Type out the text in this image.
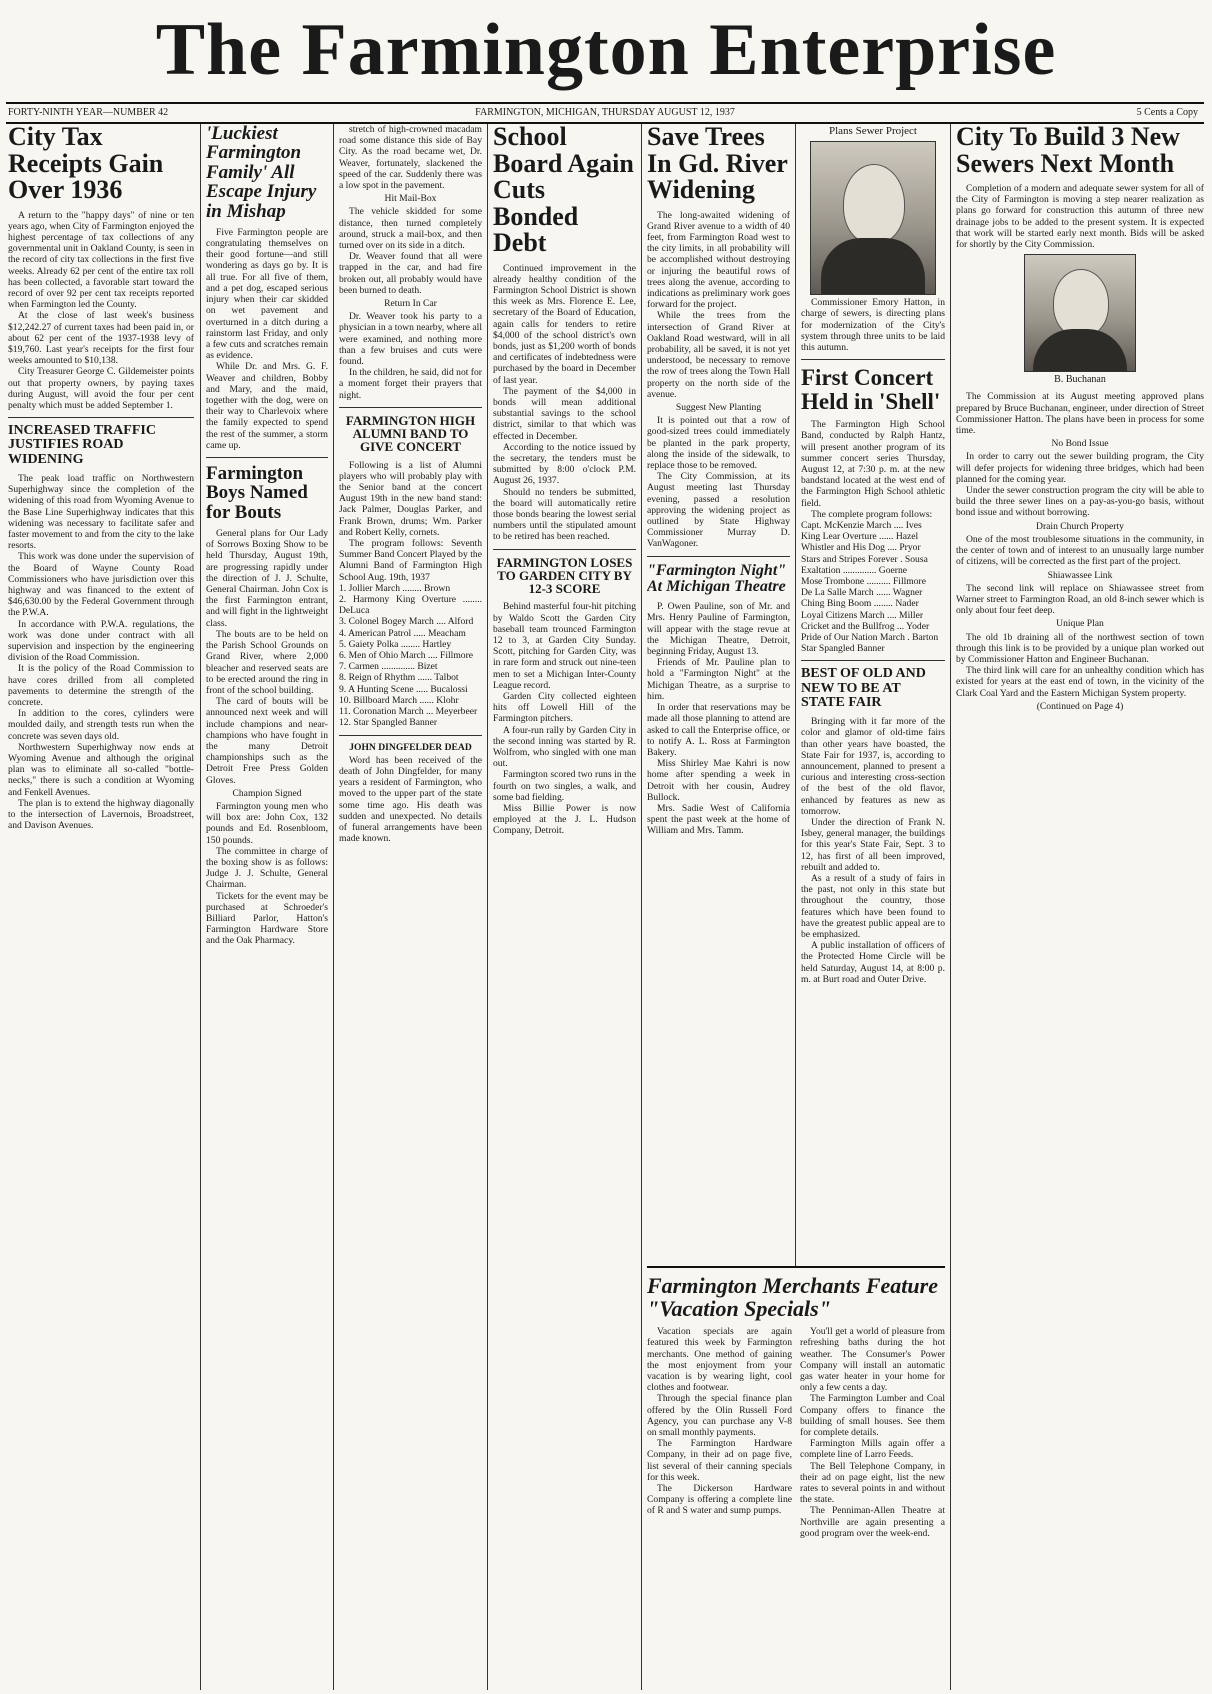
The Farmington Enterprise
FORTY-NINTH YEAR—NUMBER 42	FARMINGTON, MICHIGAN, THURSDAY AUGUST 12, 1937	5 Cents a Copy
City Tax Receipts Gain Over 1936

A return to the "happy days" of nine or ten years ago, when City of Farmington enjoyed the highest percentage of tax collections of any governmental unit in Oakland County, is seen in the record of city tax collections in the first five weeks. Already 62 per cent of the entire tax roll has been collected, a favorable start toward the record of over 92 per cent tax receipts reported when Farmington led the County.

At the close of last week's business $12,242.27 of current taxes had been paid in, or about 62 per cent of the 1937-1938 levy of $19,760. Last year's receipts for the first four weeks amounted to $10,138.

City Treasurer George C. Gildemeister points out that property owners, by paying taxes during August, will avoid the four per cent penalty which must be added September 1.

INCREASED TRAFFIC JUSTIFIES ROAD WIDENING

The peak load traffic on Northwestern Superhighway since the completion of the widening of this road from Wyoming Avenue to the Base Line Superhighway indicates that this widening was necessary to facilitate safer and faster movement to and from the city to the lake resorts.

This work was done under the supervision of the Board of Wayne County Road Commissioners who have jurisdiction over this highway and was financed to the extent of $46,630.00 by the Federal Government through the P.W.A.

In accordance with P.W.A. regulations, the work was done under contract with all supervision and inspection by the engineering division of the Road Commission.

It is the policy of the Road Commission to have cores drilled from all completed pavements to determine the strength of the concrete.

In addition to the cores, cylinders were moulded daily, and strength tests run when the concrete was seven days old.

Northwestern Superhighway now ends at Wyoming Avenue and although the original plan was to eliminate all so-called "bottle-necks," there is such a condition at Wyoming and Fenkell Avenues.

The plan is to extend the highway diagonally to the intersection of Lavernois, Broadstreet, and Davison Avenues.

'Luckiest Farmington Family' All Escape Injury in Mishap

Five Farmington people are congratulating themselves on their good fortune—and still wondering as days go by. It is all true. For all five of them, and a pet dog, escaped serious injury when their car skidded on wet pavement and overturned in a ditch during a rainstorm last Friday, and only a few cuts and scratches remain as evidence.

While Dr. and Mrs. G. F. Weaver and children, Bobby and Mary, and the maid, together with the dog, were on their way to Charlevoix where the family expected to spend the rest of the summer, a storm came up.

Farmington Boys Named for Bouts

General plans for Our Lady of Sorrows Boxing Show to be held Thursday, August 19th, are progressing rapidly under the direction of J. J. Schulte, General Chairman. John Cox is the first Farmington entrant, and will fight in the lightweight class.

The bouts are to be held on the Parish School Grounds on Grand River, where 2,000 bleacher and reserved seats are to be erected around the ring in front of the school building.

The card of bouts will be announced next week and will include champions and near-champions who have fought in the many Detroit championships such as the Detroit Free Press Golden Gloves.

Champion Signed

Farmington young men who will box are: John Cox, 132 pounds and Ed. Rosenbloom, 150 pounds.

The committee in charge of the boxing show is as follows: Judge J. J. Schulte, General Chairman.

Tickets for the event may be purchased at Schroeder's Billiard Parlor, Hatton's Farmington Hardware Store and the Oak Pharmacy.

stretch of high-crowned macadam road some distance this side of Bay City. As the road became wet, Dr. Weaver, fortunately, slackened the speed of the car. Suddenly there was a low spot in the pavement.

Hit Mail-Box

The vehicle skidded for some distance, then turned completely around, struck a mail-box, and then turned over on its side in a ditch.

Dr. Weaver found that all were trapped in the car, and had fire broken out, all probably would have been burned to death.

Return In Car

Dr. Weaver took his party to a physician in a town nearby, where all were examined, and nothing more than a few bruises and cuts were found.

In the children, he said, did not for a moment forget their prayers that night.

FARMINGTON HIGH ALUMNI BAND TO GIVE CONCERT

Following is a list of Alumni players who will probably play with the Senior band at the concert August 19th in the new band stand: Jack Palmer, Douglas Parker, and Frank Brown, drums; Wm. Parker and Robert Kelly, cornets.

The program follows: Seventh Summer Band Concert Played by the Alumni Band of Farmington High School Aug. 19th, 1937

1. Jollier March ........ Brown
2. Harmony King Overture ........ DeLuca
3. Colonel Bogey March .... Alford
4. American Patrol ..... Meacham
5. Gaiety Polka ........ Hartley
6. Men of Ohio March .... Fillmore
7. Carmen .............. Bizet
8. Reign of Rhythm ...... Talbot
9. A Hunting Scene ..... Bucalossi
10. Billboard March ...... Klohr
11. Coronation March ... Meyerbeer
12. Star Spangled Banner
JOHN DINGFELDER DEAD

Word has been received of the death of John Dingfelder, for many years a resident of Farmington, who moved to the upper part of the state some time ago. His death was sudden and unexpected. No details of funeral arrangements have been made known.

School Board Again Cuts Bonded Debt

Continued improvement in the already healthy condition of the Farmington School District is shown this week as Mrs. Florence E. Lee, secretary of the Board of Education, again calls for tenders to retire $4,000 of the school district's own bonds, just as $1,200 worth of bonds and certificates of indebtedness were purchased by the board in December of last year.

The payment of the $4,000 in bonds will mean additional substantial savings to the school district, similar to that which was effected in December.

According to the notice issued by the secretary, the tenders must be submitted by 8:00 o'clock P.M. August 26, 1937.

Should no tenders be submitted, the board will automatically retire those bonds bearing the lowest serial numbers until the stipulated amount to be retired has been reached.

FARMINGTON LOSES TO GARDEN CITY BY 12-3 SCORE

Behind masterful four-hit pitching by Waldo Scott the Garden City baseball team trounced Farmington 12 to 3, at Garden City Sunday. Scott, pitching for Garden City, was in rare form and struck out nine-teen men to set a Michigan Inter-County League record.

Garden City collected eighteen hits off Lowell Hill of the Farmington pitchers.

A four-run rally by Garden City in the second inning was started by R. Wolfrom, who singled with one man out.

Farmington scored two runs in the fourth on two singles, a walk, and some bad fielding.

Miss Billie Power is now employed at the J. L. Hudson Company, Detroit.

Save Trees In Gd. River Widening

The long-awaited widening of Grand River avenue to a width of 40 feet, from Farmington Road west to the city limits, in all probability will be accomplished without destroying or injuring the beautiful rows of trees along the avenue, according to indications as preliminary work goes forward for the project.

While the trees from the intersection of Grand River at Oakland Road westward, will in all probability, all be saved, it is not yet understood, be necessary to remove the row of trees along the Town Hall property on the north side of the avenue.

Suggest New Planting

It is pointed out that a row of good-sized trees could immediately be planted in the park property, along the inside of the sidewalk, to replace those to be removed.

The City Commission, at its August meeting last Thursday evening, passed a resolution approving the widening project as outlined by State Highway Commissioner Murray D. VanWagoner.

"Farmington Night" At Michigan Theatre

P. Owen Pauline, son of Mr. and Mrs. Henry Pauline of Farmington, will appear with the stage revue at the Michigan Theatre, Detroit, beginning Friday, August 13.

Friends of Mr. Pauline plan to hold a "Farmington Night" at the Michigan Theatre, as a surprise to him.

In order that reservations may be made all those planning to attend are asked to call the Enterprise office, or to notify A. L. Ross at Farmington Bakery.

Miss Shirley Mae Kahri is now home after spending a week in Detroit with her cousin, Audrey Bullock.

Mrs. Sadie West of California spent the past week at the home of William and Mrs. Tamm.

Plans Sewer Project

Commissioner Emory Hatton, in charge of sewers, is directing plans for modernization of the City's system through three units to be laid this autumn.

First Concert Held in 'Shell'

The Farmington High School Band, conducted by Ralph Hantz, will present another program of its summer concert series Thursday, August 12, at 7:30 p. m. at the new bandstand located at the west end of the Farmington High School athletic field.

The complete program follows:

Capt. McKenzie March .... Ives
King Lear Overture ...... Hazel
Whistler and His Dog .... Pryor
Stars and Stripes Forever . Sousa
Exaltation .............. Goerne
Mose Trombone .......... Fillmore
De La Salle March ...... Wagner
Ching Bing Boom ........ Nader
Loyal Citizens March .... Miller
Cricket and the Bullfrog ... Yoder
Pride of Our Nation March . Barton
Star Spangled Banner
BEST OF OLD AND NEW TO BE AT STATE FAIR

Bringing with it far more of the color and glamor of old-time fairs than other years have boasted, the State Fair for 1937, is, according to announcement, planned to present a curious and interesting cross-section of the best of the old flavor, enhanced by features as new as tomorrow.

Under the direction of Frank N. Isbey, general manager, the buildings for this year's State Fair, Sept. 3 to 12, has first of all been improved, rebuilt and added to.

As a result of a study of fairs in the past, not only in this state but throughout the country, those features which have been found to have the greatest public appeal are to be emphasized.

A public installation of officers of the Protected Home Circle will be held Saturday, August 14, at 8:00 p. m. at Burt road and Outer Drive.

City To Build 3 New Sewers Next Month

Completion of a modern and adequate sewer system for all of the City of Farmington is moving a step nearer realization as plans go forward for construction this autumn of three new drainage jobs to be added to the present system. It is expected that work will be started early next month. Bids will be asked for shortly by the City Commission.

B. Buchanan

The Commission at its August meeting approved plans prepared by Bruce Buchanan, engineer, under direction of Street Commissioner Hatton. The plans have been in process for some time.

No Bond Issue

In order to carry out the sewer building program, the City will defer projects for widening three bridges, which had been planned for the coming year.

Under the sewer construction program the city will be able to build the three sewer lines on a pay-as-you-go basis, without bond issue and without borrowing.

Drain Church Property

One of the most troublesome situations in the community, in the center of town and of interest to an unusually large number of citizens, will be corrected as the first part of the project.

Shiawassee Link

The second link will replace on Shiawassee street from Warner street to Farmington Road, an old 8-inch sewer which is only about four feet deep.

Unique Plan

The old 1b draining all of the northwest section of town through this link is to be provided by a unique plan worked out by Commissioner Hatton and Engineer Buchanan.

The third link will care for an unhealthy condition which has existed for years at the east end of town, in the vicinity of the Clark Coal Yard and the Eastern Michigan System property.

(Continued on Page 4)
Farmington Merchants Feature "Vacation Specials"

Vacation specials are again featured this week by Farmington merchants. One method of gaining the most enjoyment from your vacation is by wearing light, cool clothes and footwear.

Through the special finance plan offered by the Olin Russell Ford Agency, you can purchase any V-8 on small monthly payments.

The Farmington Hardware Company, in their ad on page five, list several of their canning specials for this week.

The Dickerson Hardware Company is offering a complete line of R and S water and sump pumps.

You'll get a world of pleasure from refreshing baths during the hot weather. The Consumer's Power Company will install an automatic gas water heater in your home for only a few cents a day.

The Farmington Lumber and Coal Company offers to finance the building of small houses. See them for complete details.

Farmington Mills again offer a complete line of Larro Feeds.

The Bell Telephone Company, in their ad on page eight, list the new rates to several points in and without the state.

The Penniman-Allen Theatre at Northville are again presenting a good program over the week-end.
